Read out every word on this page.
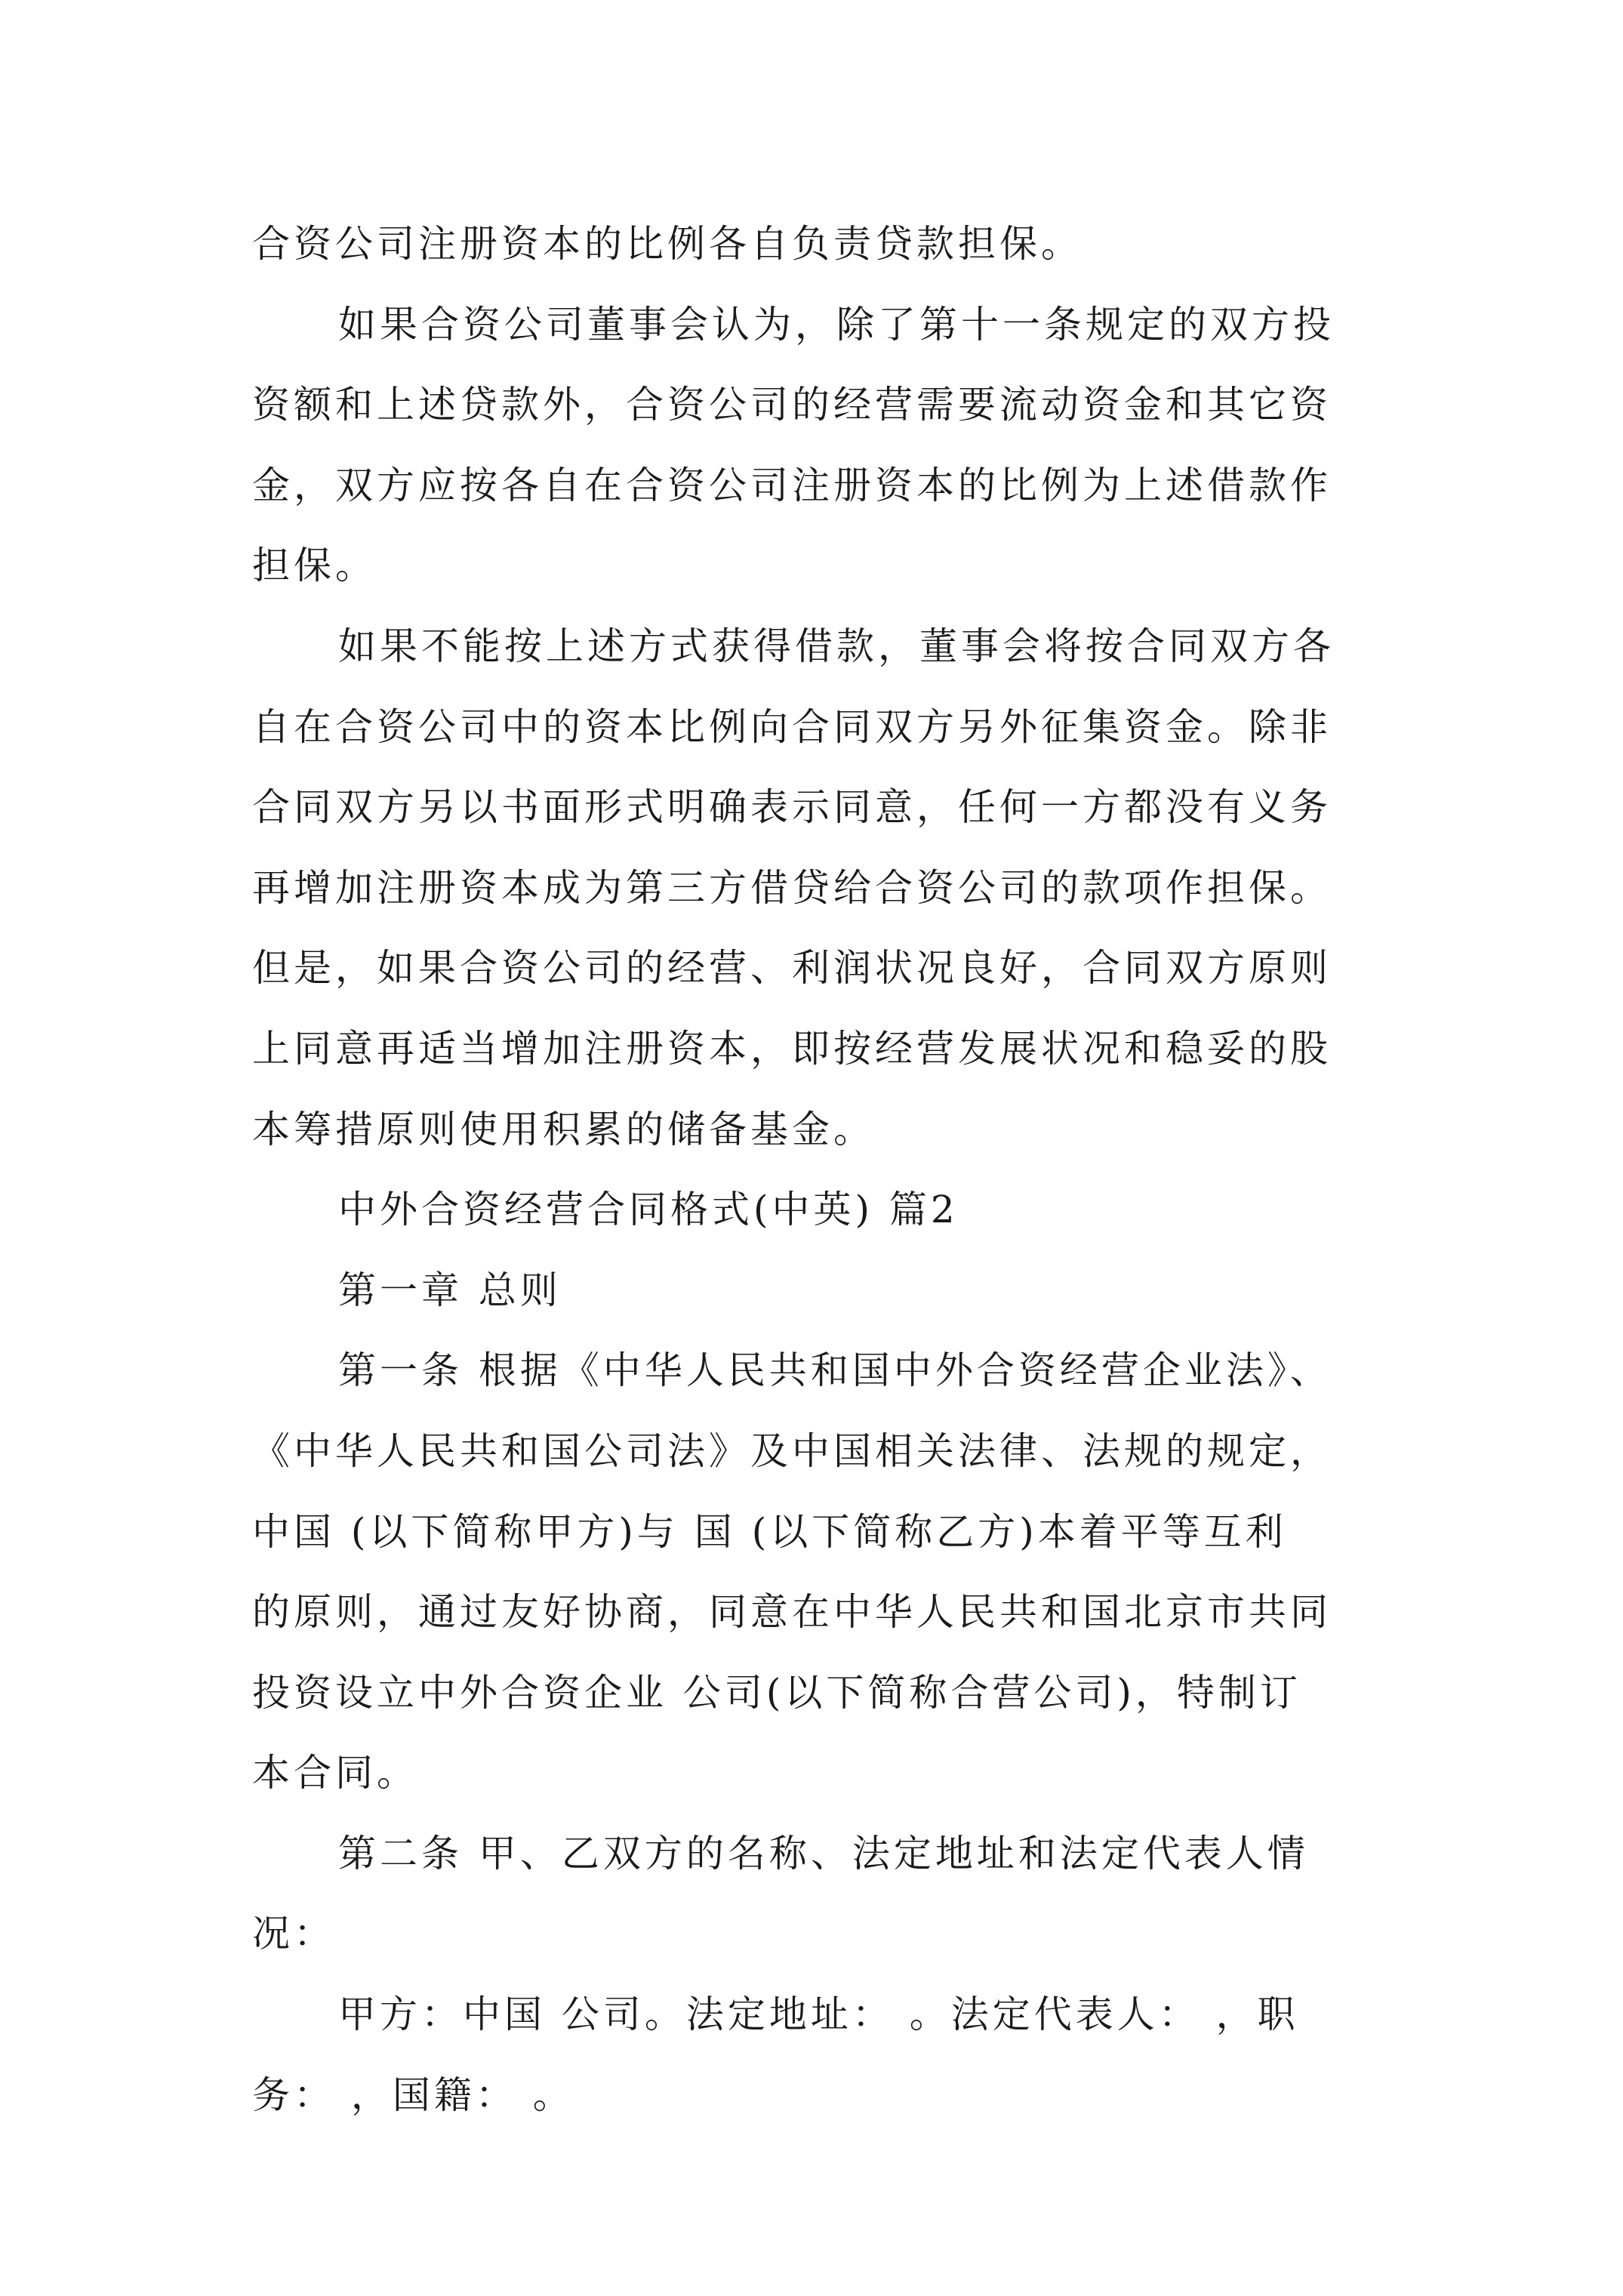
合资公司注册资本的比例各自负责贷款担保。
如果合资公司董事会认为，除了第十一条规定的双方投
资额和上述贷款外，合资公司的经营需要流动资金和其它资
金，双方应按各自在合资公司注册资本的比例为上述借款作
担保。
如果不能按上述方式获得借款，董事会将按合同双方各
自在合资公司中的资本比例向合同双方另外征集资金。除非
合同双方另以书面形式明确表示同意，任何一方都没有义务
再增加注册资本成为第三方借贷给合资公司的款项作担保。
但是，如果合资公司的经营、利润状况良好，合同双方原则
上同意再适当增加注册资本，即按经营发展状况和稳妥的股
本筹措原则使用积累的储备基金。
中外合资经营合同格式(中英) 篇2
第一章 总则
第一条 根据《中华人民共和国中外合资经营企业法》、
《中华人民共和国公司法》及中国相关法律、法规的规定，
中国 (以下简称甲方)与 国 (以下简称乙方)本着平等互利
的原则，通过友好协商，同意在中华人民共和国北京市共同
投资设立中外合资企业 公司(以下简称合营公司)，特制订
本合同。
第二条 甲、乙双方的名称、法定地址和法定代表人情
况：
甲方：中国 公司。法定地址： 。法定代表人： ，职
务： ，国籍： 。
